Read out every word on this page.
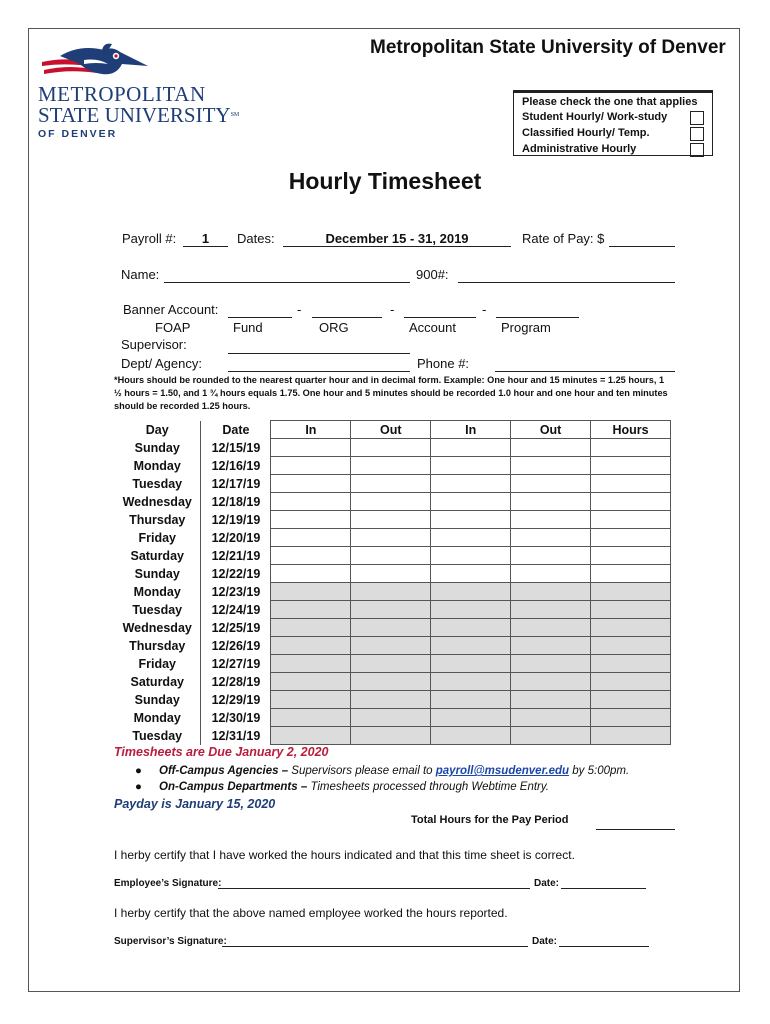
METROPOLITAN
STATE UNIVERSITY℠
OF DENVER
Metropolitan State University of Denver
Please check the one that applies
Student Hourly/ Work-study
Classified Hourly/ Temp.
Administrative Hourly
Hourly Timesheet
Payroll #:	1	Dates:	December 15 - 31, 2019	Rate of Pay: $
Name:	900#:
Banner Account:	-	-	-
FOAP	Fund	ORG	Account	Program
Supervisor:
Dept/ Agency:	Phone #:
*Hours should be rounded to the nearest quarter hour and in decimal form. Example: One hour and 15 minutes = 1.25 hours, 1 ½ hours = 1.50, and 1 ¾ hours equals 1.75. One hour and 5 minutes should be recorded 1.0 hour and one hour and ten minutes should be recorded 1.25 hours.
Day	Date	In	Out	In	Out	Hours
Sunday	12/15/19					
Monday	12/16/19					
Tuesday	12/17/19					
Wednesday	12/18/19					
Thursday	12/19/19					
Friday	12/20/19					
Saturday	12/21/19					
Sunday	12/22/19					
Monday	12/23/19					
Tuesday	12/24/19					
Wednesday	12/25/19					
Thursday	12/26/19					
Friday	12/27/19					
Saturday	12/28/19					
Sunday	12/29/19					
Monday	12/30/19					
Tuesday	12/31/19					
Timesheets are Due January 2, 2020
● Off-Campus Agencies – Supervisors please email to payroll@msudenver.edu by 5:00pm.
● On-Campus Departments – Timesheets processed through Webtime Entry.
Payday is January 15, 2020
Total Hours for the Pay Period
I herby certify that I have worked the hours indicated and that this time sheet is correct.
Employee’s Signature:	Date:
I herby certify that the above named employee worked the hours reported.
Supervisor’s Signature:	Date:
